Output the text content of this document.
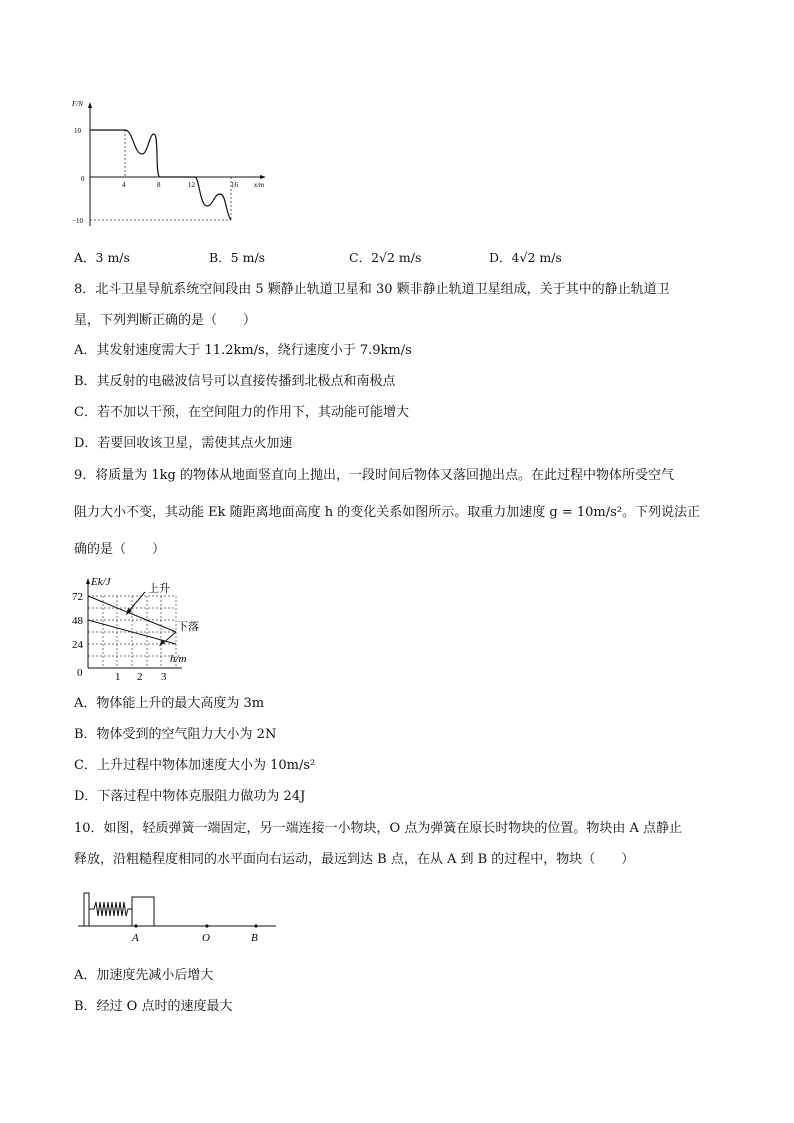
F/N
10
0
−10
4	8	12	16 x/m
A．3 m/s	B．5 m/s	C．2√2 m/s	D．4√2 m/s
8．北斗卫星导航系统空间段由 5 颗静止轨道卫星和 30 颗非静止轨道卫星组成，关于其中的静止轨道卫
星，下列判断正确的是（　　）
A．其发射速度需大于 11.2km/s，绕行速度小于 7.9km/s
B．其反射的电磁波信号可以直接传播到北极点和南极点
C．若不加以干预，在空间阻力的作用下，其动能可能增大
D．若要回收该卫星，需使其点火加速
9．将质量为 1kg 的物体从地面竖直向上抛出，一段时间后物体又落回抛出点。在此过程中物体所受空气
阻力大小不变，其动能 Ek 随距离地面高度 h 的变化关系如图所示。取重力加速度 g = 10m/s²。下列说法正
确的是（　　）
Ek/J
72
48
24
0	1 2 3
h/m
上升
下落
A．物体能上升的最大高度为 3m
B．物体受到的空气阻力大小为 2N
C．上升过程中物体加速度大小为 10m/s²
D．下落过程中物体克服阻力做功为 24J
10．如图，轻质弹簧一端固定，另一端连接一小物块，O 点为弹簧在原长时物块的位置。物块由 A 点静止
释放，沿粗糙程度相同的水平面向右运动，最远到达 B 点，在从 A 到 B 的过程中，物块（　　）
A	O	B
A．加速度先减小后增大
B．经过 O 点时的速度最大
